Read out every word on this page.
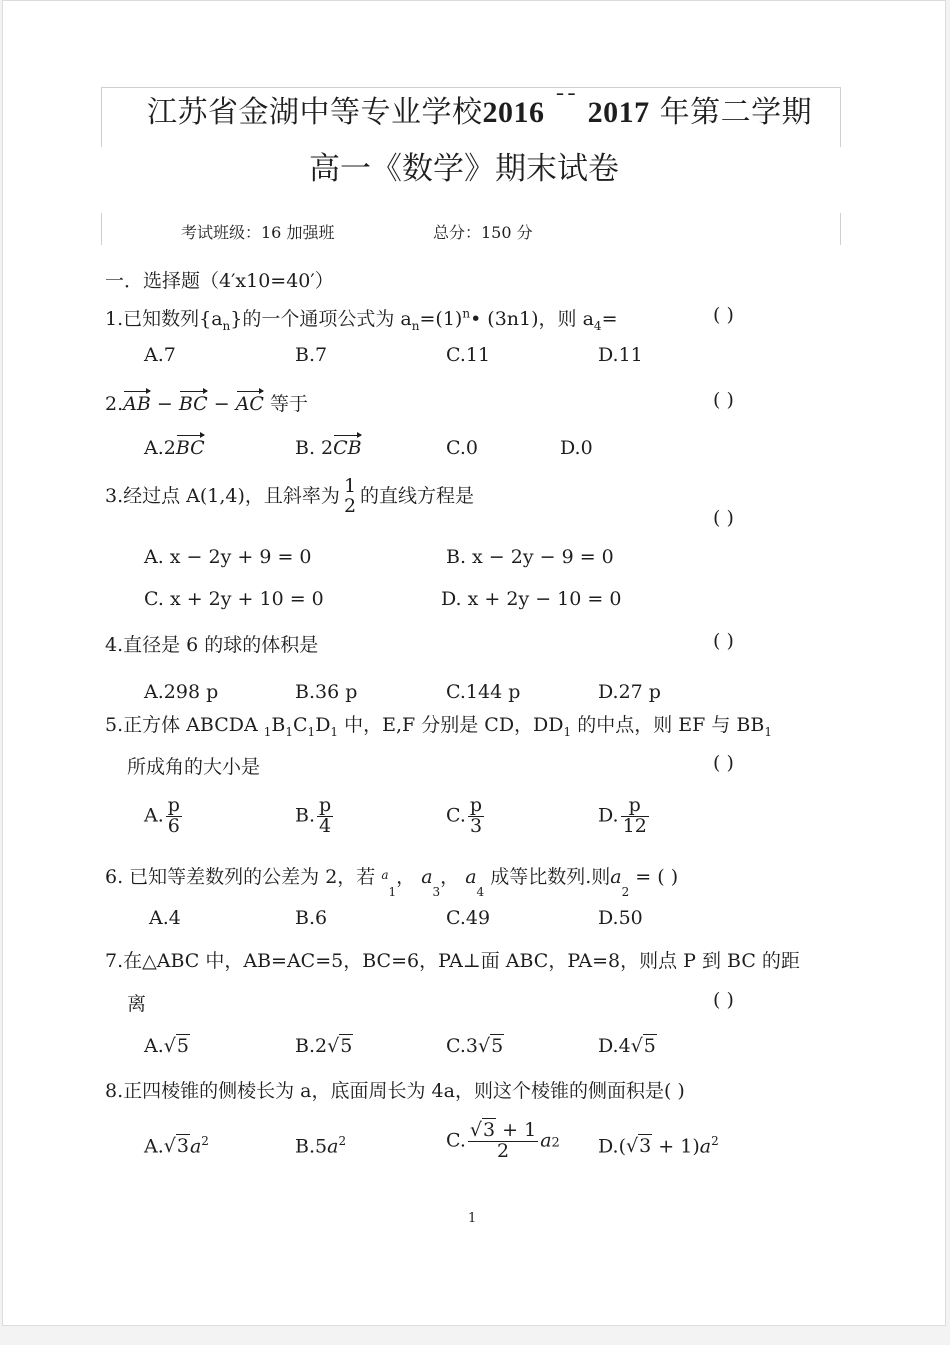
江苏省金湖中等专业学校2016 ¯¯ 2017 年第二学期
高一《数学》期末试卷
考试班级：16 加强班	总分：150 分
一．选择题（4′x10=40′）
1.已知数列$\{a_n\}$的一个通项公式为 $a_n=(1)^n•$ (3n1)，则 $a_4=$	( )
A.7	B.7	C.11	D.11
2.AB − BC − AC 等于	( )
A.2BC	B. 2CB	C.0	D.0
3.经过点 A(1,4)，且斜率为 1
2 的直线方程是
( )
A. x − 2y + 9 = 0	B. x − 2y − 9 = 0
C. x + 2y + 10 = 0	D. x + 2y − 10 = 0
4.直径是 6 的球的体积是	( )
A.298 p	B.36 p	C.144 p	D.27 p
5.正方体 ABCDA $_1B_1C_1D_1$ 中，E,F 分别是 CD，$DD_1$ 的中点，则 EF 与 $BB_1$
所成角的大小是	( )
A. $\frac{p}{6}$	B. $\frac{p}{4}$	C. $\frac{p}{3}$	D. $\frac{p}{12}$
6. 已知等差数列的公差为 2，若 $^a_1$， $a_3$， $a_4$ 成等比数列.则$a_2$ = ( )
A.4	B.6	C.49	D.50
7.在△ABC 中，AB=AC=5，BC=6，PA⊥面 ABC，PA=8，则点 P 到 BC 的距
离	( )
A.√5	B.2√5	C.3√5	D.4√5
8.正四棱锥的侧棱长为 a，底面周长为 4a，则这个棱锥的侧面积是( )
$A.√3a^2$	$B.5a^2$	C. $\frac{√3 + 1}{2} a2$ $D.(√3 + 1)a^2$
1
